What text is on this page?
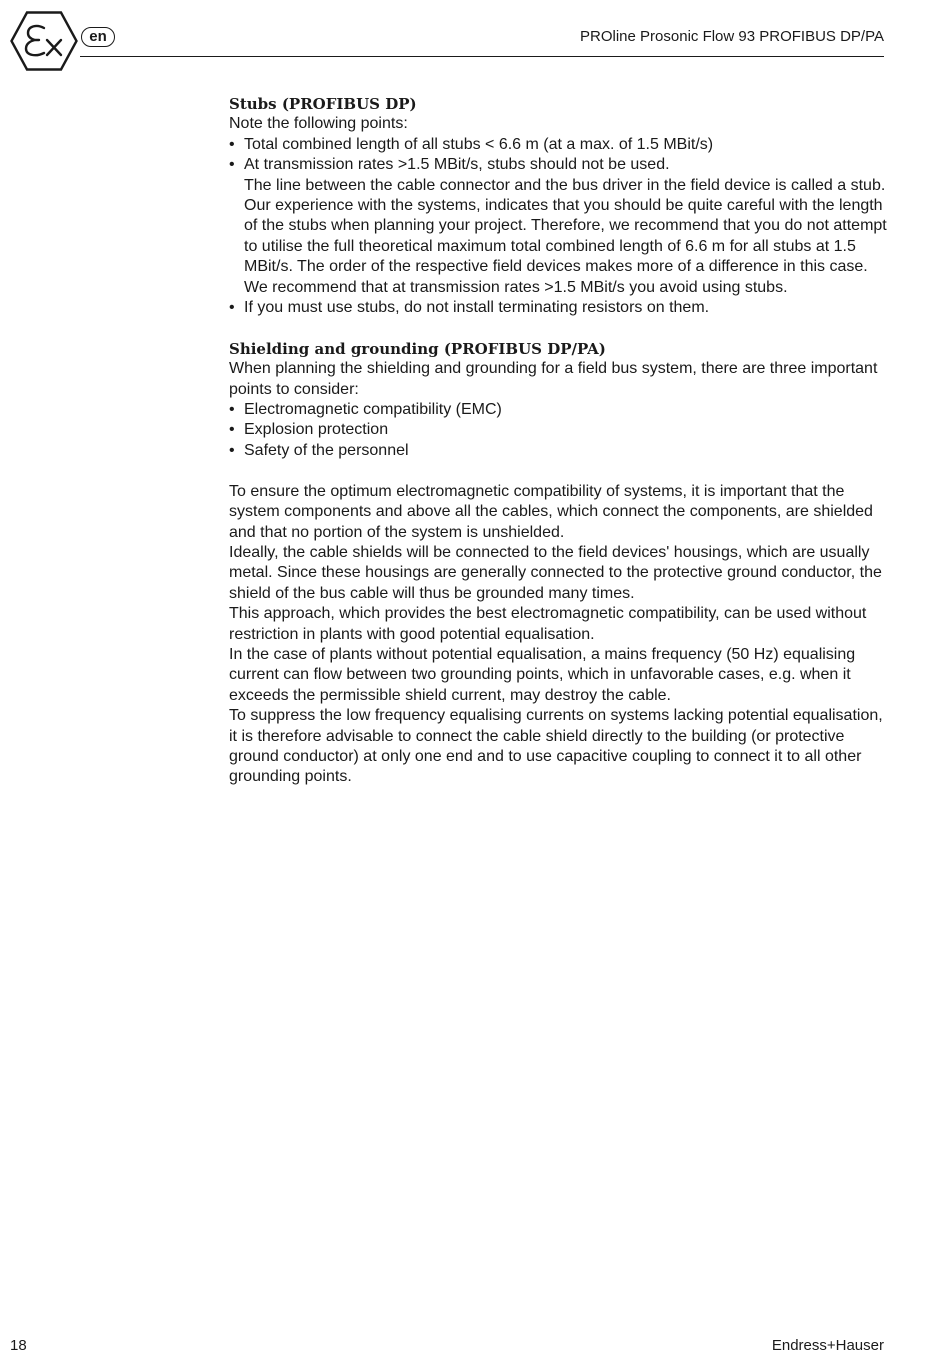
en	PROline Prosonic Flow 93 PROFIBUS DP/PA
Stubs (PROFIBUS DP)

Note the following points:

• Total combined length of all stubs < 6.6 m (at a max. of 1.5 MBit/s)
• At transmission rates >1.5 MBit/s, stubs should not be used.
The line between the cable connector and the bus driver in the field device is called a stub. Our experience with the systems, indicates that you should be quite careful with the length of the stubs when planning your project. Therefore, we recommend that you do not attempt to utilise the full theoretical maximum total combined length of 6.6 m for all stubs at 1.5 MBit/s. The order of the respective field devices makes more of a difference in this case. We recommend that at transmission rates >1.5 MBit/s you avoid using stubs.
• If you must use stubs, do not install terminating resistors on them.
Shielding and grounding (PROFIBUS DP/PA)

When planning the shielding and grounding for a field bus system, there are three important points to consider:

• Electromagnetic compatibility (EMC)
• Explosion protection
• Safety of the personnel

To ensure the optimum electromagnetic compatibility of systems, it is important that the system components and above all the cables, which connect the components, are shielded and that no portion of the system is unshielded.

Ideally, the cable shields will be connected to the field devices' housings, which are usually metal. Since these housings are generally connected to the protective ground conductor, the shield of the bus cable will thus be grounded many times.

This approach, which provides the best electromagnetic compatibility, can be used without restriction in plants with good potential equalisation.

In the case of plants without potential equalisation, a mains frequency (50 Hz) equalising current can flow between two grounding points, which in unfavorable cases, e.g. when it exceeds the permissible shield current, may destroy the cable.

To suppress the low frequency equalising currents on systems lacking potential equalisation, it is therefore advisable to connect the cable shield directly to the building (or protective ground conductor) at only one end and to use capacitive coupling to connect it to all other grounding points.

18	Endress+Hauser
